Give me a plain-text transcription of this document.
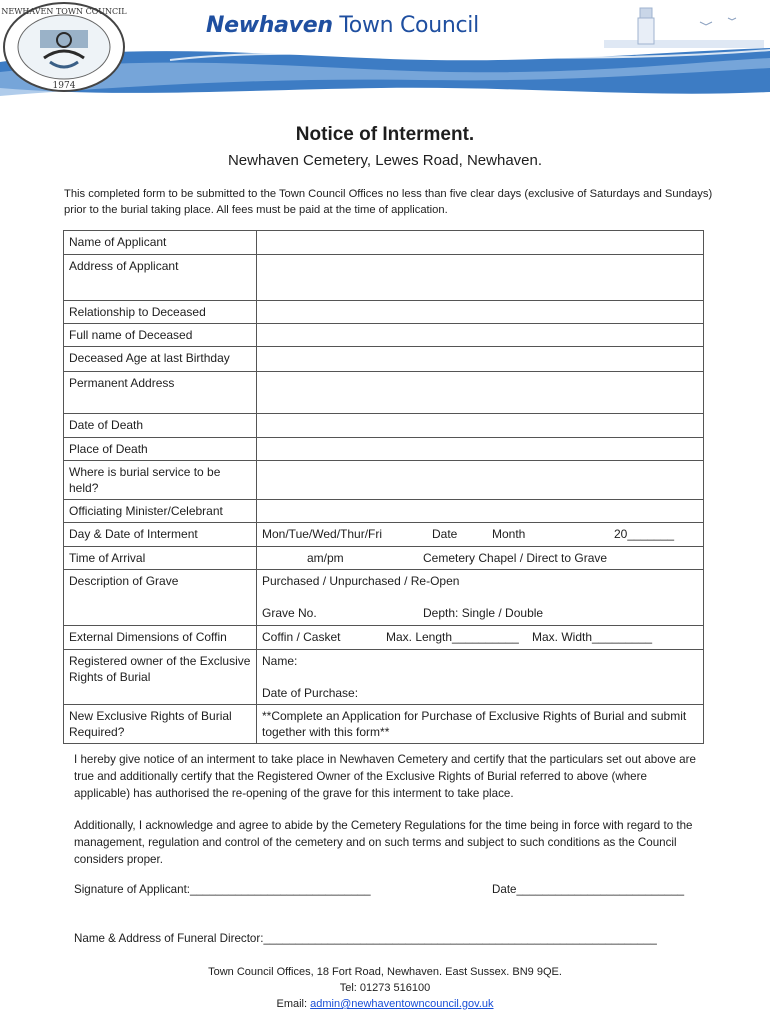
NEWHAVEN TOWN COUNCIL
1974
Newhaven Town Council
Notice of Interment.
Newhaven Cemetery, Lewes Road, Newhaven.
This completed form to be submitted to the Town Council Offices no less than five clear days (exclusive of Saturdays and Sundays) prior to the burial taking place. All fees must be paid at the time of application.
Name of Applicant	
Address of Applicant	
Relationship to Deceased	
Full name of Deceased	
Deceased Age at last Birthday	
Permanent Address	
Date of Death	
Place of Death	
Where is burial service to be held?	
Officiating Minister/Celebrant	
Day & Date of Interment	Mon/Tue/Wed/Thur/Fri Date Month 20_______
Time of Arrival	am/pm Cemetery Chapel / Direct to Grave
Description of Grave	Purchased / Unpurchased / Re-Open
Grave No. Depth: Single / Double

External Dimensions of Coffin	Coffin / Casket Max. Length__________ Max. Width_________
Registered owner of the Exclusive Rights of Burial	Name:
Date of Purchase:

New Exclusive Rights of Burial Required?	**Complete an Application for Purchase of Exclusive Rights of Burial and submit together with this form**
I hereby give notice of an interment to take place in Newhaven Cemetery and certify that the particulars set out above are true and additionally certify that the Registered Owner of the Exclusive Rights of Burial referred to above (where applicable) has authorised the re-opening of the grave for this interment to take place.
Additionally, I acknowledge and agree to abide by the Cemetery Regulations for the time being in force with regard to the management, regulation and control of the cemetery and on such terms and subject to such conditions as the Council considers proper.
Signature of Applicant:____________________________	Date__________________________
Name & Address of Funeral Director:_____________________________________________________________
Town Council Offices, 18 Fort Road, Newhaven. East Sussex. BN9 9QE.
Tel: 01273 516100
Email: admin@newhaventowncouncil.gov.uk
